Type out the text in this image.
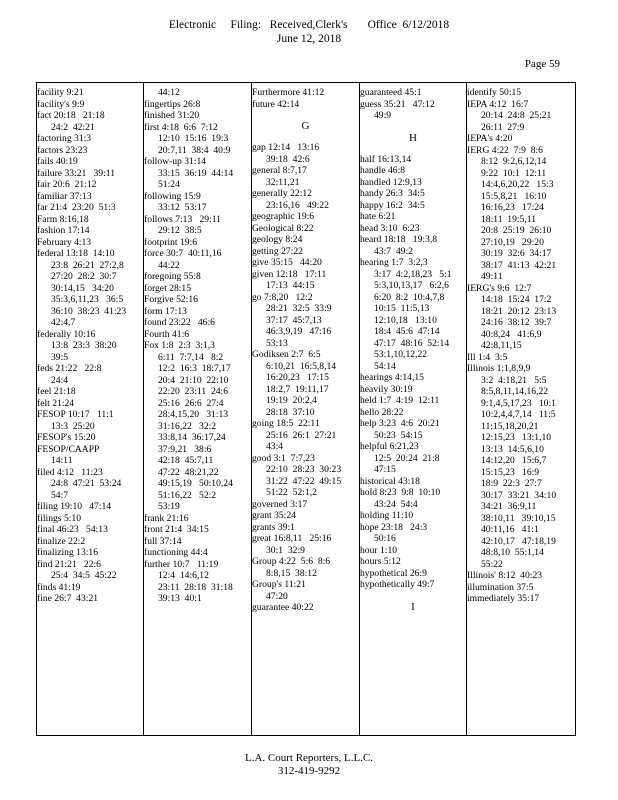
Electronic     Filing:   Received,Clerk's       Office  6/12/2018
June 12, 2018
Page 59
facility 9:21
facility's 9:9
fact 20:18   21:18
24:2  42:21
factoring 31:3
factors 23:23
fails 40:19
failure 33:21   39:11
fair 20:6  21:12
familiar 37:13
far 21:4  23:20  51:3
Farm 8:16,18
fashion 17:14
February 4:13
federal 13:18  14:10
23:8  26:21  27:2,8
27:20  28:2  30:7
30:14,15   34:20
35:3,6,11,23   36:5
36:10  38:23  41:23
42:4,7
federally 10:16
13:8  23:3  38:20
39:5
feds 21:22   22:8
24:4
feel 21:18
felt 21:24
FESOP 10:17   11:1
13:3  25:20
FESOP's 15:20
FESOP/CAAPP
14:11
filed 4:12   11:23
24:8  47:21  53:24
54:7
filing 19:10   47:14
filings 5:10
final 46:23   54:13
finalize 22:2
finalizing 13:16
find 21:21   22:6
25:4  34:5  45:22
finds 41:19
fine 26:7  43:21
44:12
fingertips 26:8
finished 31:20
first 4:18  6:6  7:12
12:10  15:16  19:3
20:7,11  38:4  40:9
follow-up 31:14
33:15  36:19  44:14
51:24
following 15:9
33:12  53:17
follows 7:13   29:11
29:12  38:5
footprint 19:6
force 30:7  40:11,16
44:22
foregoing 55:8
forget 28:15
Forgive 52:16
form 17:13
found 23:22   46:6
Fourth 41:6
Fox 1:8  2:3  3:1,3
6:11  7:7,14   8:2
12:2  16:3  18:7,17
20:4  21:10  22:10
22:20  23:11  24:6
25:16  26:6  27:4
28:4,15,20   31:13
31:16,22   32:2
33:8,14  36:17,24
37:9,21   38:6
42:18  45:7,11
47:22  48:21,22
49:15,19   50:10,24
51:16,22   52:2
53:19
frank 21:16
front 21:4  34:15
full 37:14
functioning 44:4
further 10:7   11:19
12:4  14:6,12
23:11  28:18  31:18
39:13  40:1
Furthermore 41:12
future 42:14
G
gap 12:14   13:16
39:18  42:6
general 8:7,17
32:11,21
generally 22:12
23:16,16   49:22
geographic 19:6
Geological 8:22
geology 8:24
getting 27:22
give 35:15   44:20
given 12:18   17:11
17:13  44:15
go 7:8,20   12:2
28:21  32:5  33:9
37:17  45:7,13
46:3,9,19   47:16
53:13
Godiksen 2:7  6:5
6:10,21  16:5,8,14
16:20,23   17:15
18:2,7  19:11,17
19:19  20:2,4
28:18  37:10
going 18:5  22:11
25:16  26:1  27:21
43:4
good 3:1  7:7,23
22:10  28:23  30:23
31:22  47:22  49:15
51:22  52:1,2
governed 3:17
grant 35:24
grants 39:1
great 16:8,11   25:16
30:1  32:9
Group 4:22  5:6  8:6
8:8,15  38:12
Group's 11:21
47:20
guarantee 40:22
guaranteed 45:1
guess 35:21   47:12
49:9
H
half 16:13,14
handle 46:8
handled 12:9,13
handy 26:3  34:5
happy 16:2  34:5
hate 6:21
head 3:10  6:23
heard 18:18   19:3,8
43:7  49:2
hearing 1:7  3:2,3
3:17  4:2,18,23   5:1
5:3,10,13,17   6:2,6
6:20  8:2  10:4,7,8
10:15  11:5,13
12:10,18   13:10
18:4  45:6  47:14
47:17  48:16  52:14
53:1,10,12,22
54:14
hearings 4:14,15
heavily 30:19
held 1:7  4:19  12:11
hello 28:22
help 3:23  4:6  20:21
50:23  54:15
helpful 6:21,23
12:5  20:24  21:8
47:15
historical 43:18
hold 8:23  9:8  10:10
43:24  54:4
holding 11:10
hope 23:18   24:3
50:16
hour 1:10
hours 5:12
hypothetical 26:9
hypothetically 49:7
I
identify 50:15
IEPA 4:12  16:7
20:14  24:8  25:21
26:11  27:9
IEPA's 4:20
IERG 4:22  7:9  8:6
8:12  9:2,6,12,14
9:22  10:1  12:11
14:4,6,20,22   15:3
15:5,8,21   16:10
16:16,23   17:24
18:11  19:5,11
20:8  25:19  26:10
27:10,19   29:20
30:19  32:6  34:17
38:17  41:13  42:21
49:11
IERG's 9:6  12:7
14:18  15:24  17:2
18:21  20:12  23:13
24:16  38:12  39:7
40:8,24   41:6,9
42:8,11,15
Ill 1:4  3:5
Illinois 1:1,8,9,9
3:2  4:18,21   5:5
8:5,8,11,14,16,22
9:1,4,5,17,23   10:1
10:2,4,4,7,14   11:5
11:15,18,20,21
12:15,23   13:1,10
13:13  14:5,6,10
14:12,20   15:6,7
15:15,23   16:9
18:9  22:3  27:7
30:17  33:21  34:10
34:21  36:9,11
38:10,11   39:10,15
40:11,16   41:1
42:10,17   47:18,19
48:8,10  55:1,14
55:22
Illinois' 8:12  40:23
illumination 37:5
immediately 35:17
L.A. Court Reporters, L.L.C.
312-419-9292
